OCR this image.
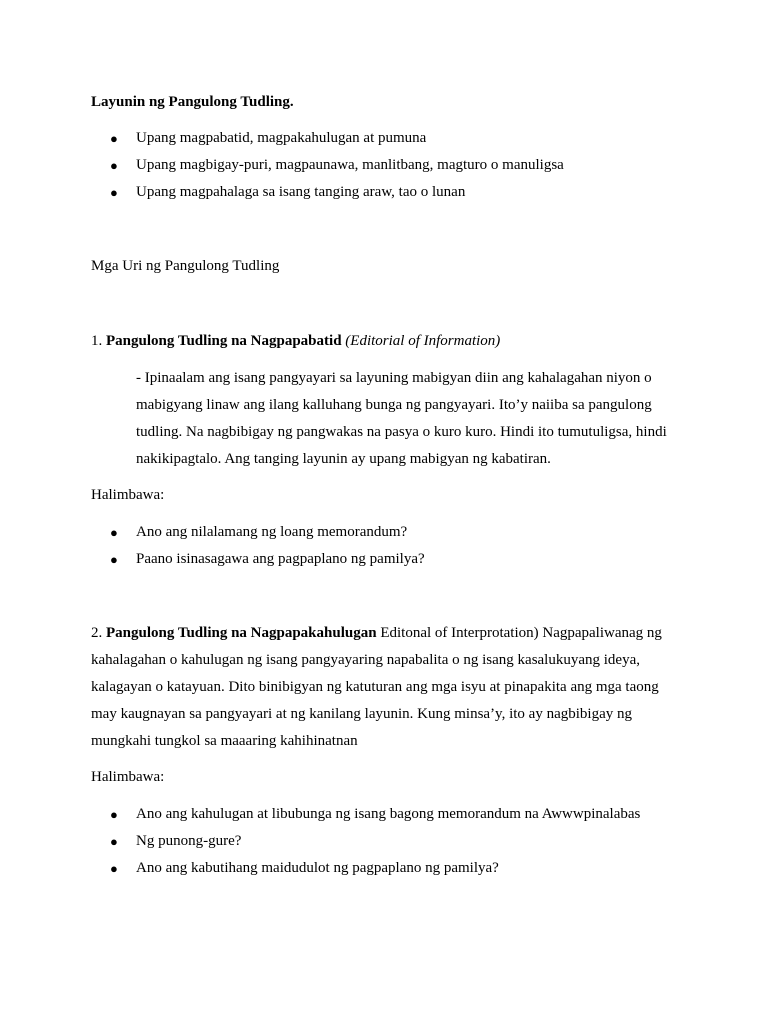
Layunin ng Pangulong Tudling.
● Upang magpabatid, magpakahulugan at pumuna
● Upang magbigay-puri, magpaunawa, manlitbang, magturo o manuligsa
● Upang magpahalaga sa isang tanging araw, tao o lunan
Mga Uri ng Pangulong Tudling
1. Pangulong Tudling na Nagpapabatid (Editorial of Information)
- Ipinaalam ang isang pangyayari sa layuning mabigyan diin ang kahalagahan niyon o mabigyang linaw ang ilang kalluhang bunga ng pangyayari. Ito’y naiiba sa pangulong tudling. Na nagbibigay ng pangwakas na pasya o kuro kuro. Hindi ito tumutuligsa, hindi nakikipagtalo. Ang tanging layunin ay upang mabigyan ng kabatiran.
Halimbawa:
● Ano ang nilalamang ng loang memorandum?
● Paano isinasagawa ang pagpaplano ng pamilya?
2. Pangulong Tudling na Nagpapakahulugan Editonal of Interprotation) Nagpapaliwanag ng kahalagahan o kahulugan ng isang pangyayaring napabalita o ng isang kasalukuyang ideya, kalagayan o katayuan. Dito binibigyan ng katuturan ang mga isyu at pinapakita ang mga taong may kaugnayan sa pangyayari at ng kanilang layunin. Kung minsa’y, ito ay nagbibigay ng mungkahi tungkol sa maaaring kahihinatnan
Halimbawa:
● Ano ang kahulugan at libubunga ng isang bagong memorandum na Awwwpinalabas
● Ng punong-gure?
● Ano ang kabutihang maidudulot ng pagpaplano ng pamilya?
